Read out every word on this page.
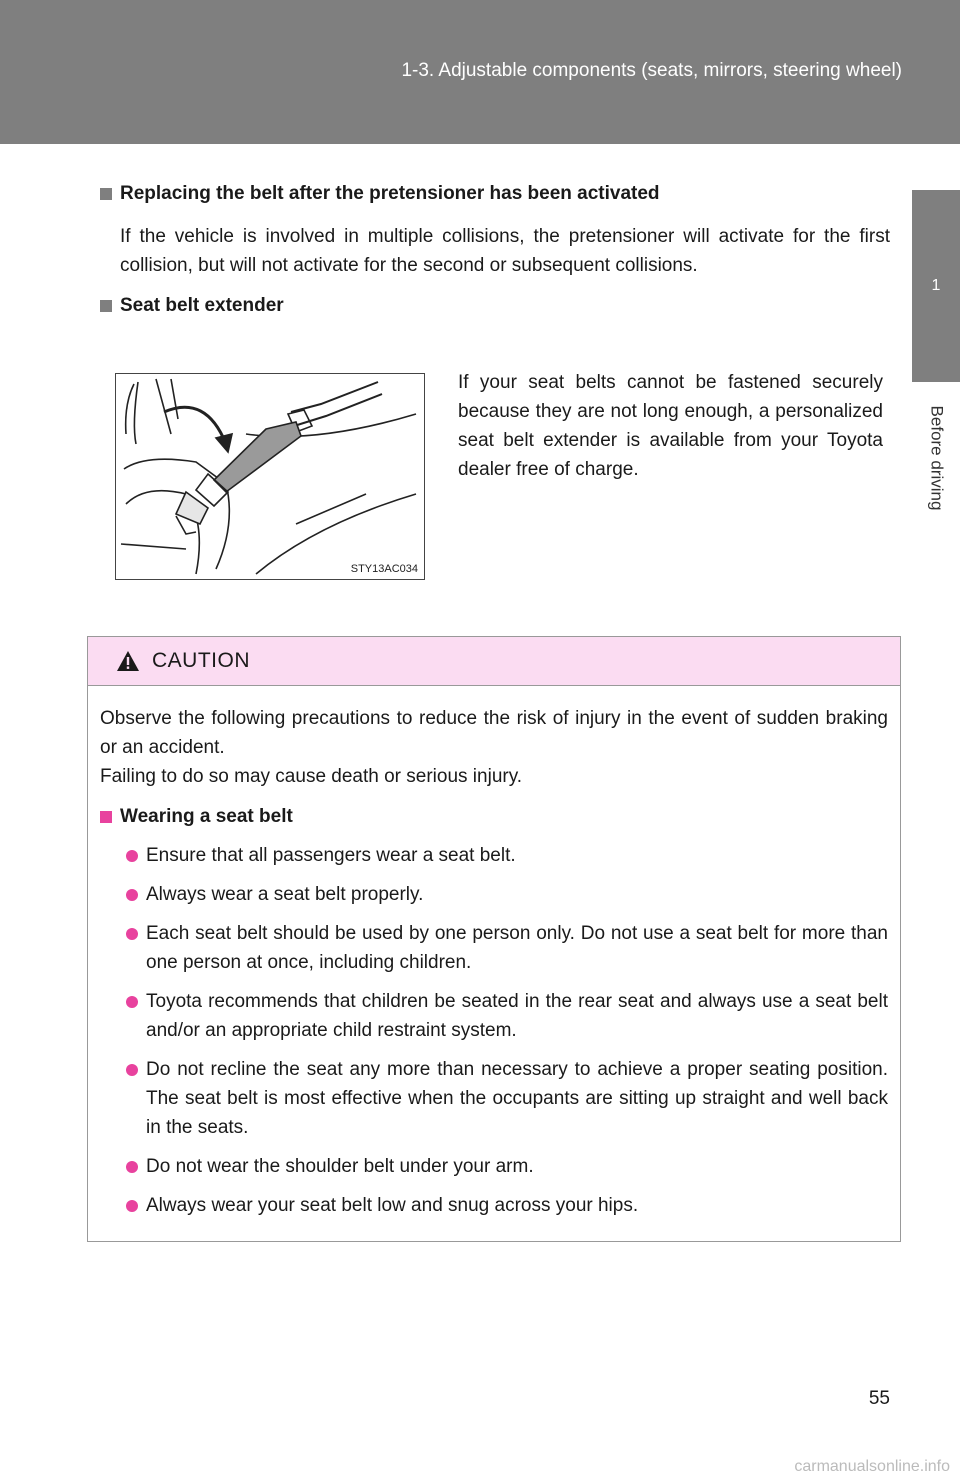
1-3. Adjustable components (seats, mirrors, steering wheel)
1
Before driving

Replacing the belt after the pretensioner has been activated

If the vehicle is involved in multiple collisions, the pretensioner will activate for the first collision, but will not activate for the second or subsequent collisions.

Seat belt extender

STY13AC034
If your seat belts cannot be fastened securely because they are not long enough, a personalized seat belt extender is available from your Toyota dealer free of charge.
CAUTION

Observe the following precautions to reduce the risk of injury in the event of sudden braking or an accident.

Failing to do so may cause death or serious injury.

Wearing a seat belt

Ensure that all passengers wear a seat belt.
Always wear a seat belt properly.
Each seat belt should be used by one person only. Do not use a seat belt for more than one person at once, including children.
Toyota recommends that children be seated in the rear seat and always use a seat belt and/or an appropriate child restraint system.
Do not recline the seat any more than necessary to achieve a proper seating position. The seat belt is most effective when the occupants are sitting up straight and well back in the seats.
Do not wear the shoulder belt under your arm.
Always wear your seat belt low and snug across your hips.
55
carmanualsonline.info
